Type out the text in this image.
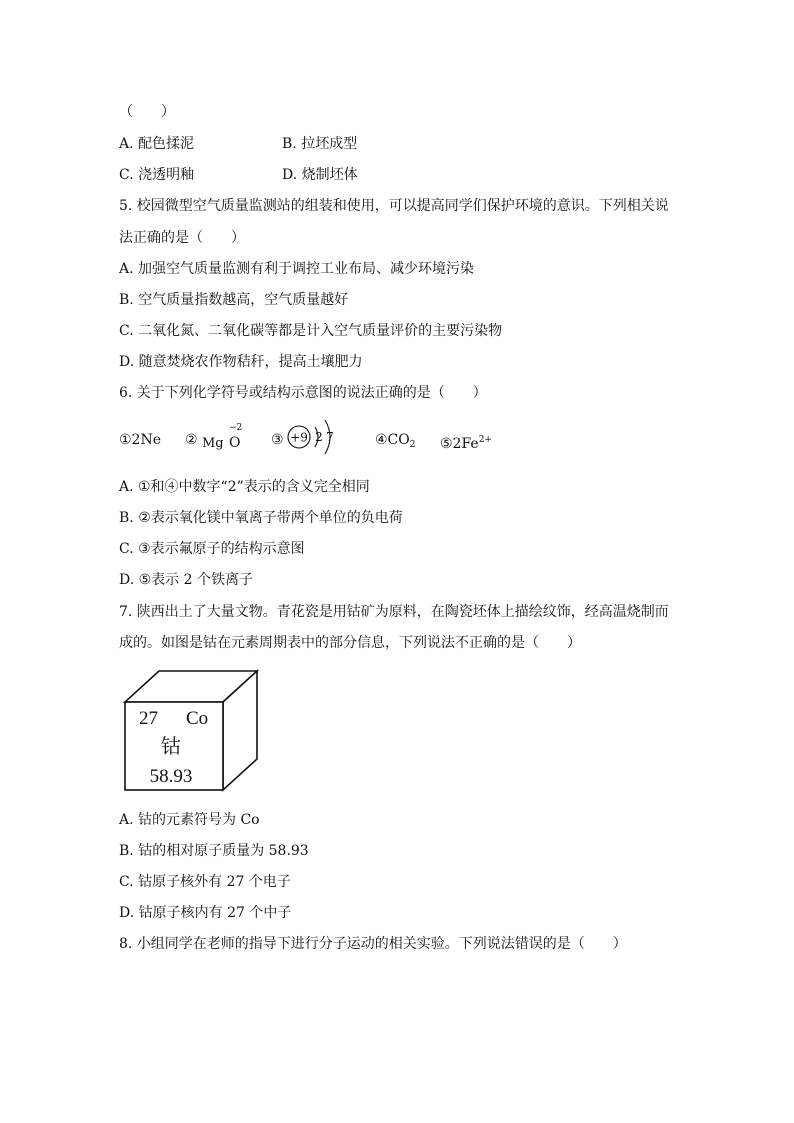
（　　）
A. 配色揉泥	B. 拉坯成型
C. 浇透明釉	D. 烧制坯体
5. 校园微型空气质量监测站的组装和使用，可以提高同学们保护环境的意识。下列相关说
法正确的是（　　）
A. 加强空气质量监测有利于调控工业布局、减少环境污染
B. 空气质量指数越高，空气质量越好
C. 二氧化氮、二氧化碳等都是计入空气质量评价的主要污染物
D. 随意焚烧农作物秸秆，提高土壤肥力
6. 关于下列化学符号或结构示意图的说法正确的是（　　）
①2Ne ② Mg
−2
O ③ +9 2 7	$④CO_2$ $⑤2Fe^{2+}$
A. ①和④中数字“2”表示的含义完全相同
B. ②表示氧化镁中氧离子带两个单位的负电荷
C. ③表示氟原子的结构示意图
D. ⑤表示 2 个铁离子
7. 陕西出土了大量文物。青花瓷是用钴矿为原料，在陶瓷坯体上描绘纹饰，经高温烧制而
成的。如图是钴在元素周期表中的部分信息，下列说法不正确的是（　　）
27 Co
钴
58.93
A. 钴的元素符号为 Co
B. 钴的相对原子质量为 58.93
C. 钴原子核外有 27 个电子
D. 钴原子核内有 27 个中子
8. 小组同学在老师的指导下进行分子运动的相关实验。下列说法错误的是（　　）
